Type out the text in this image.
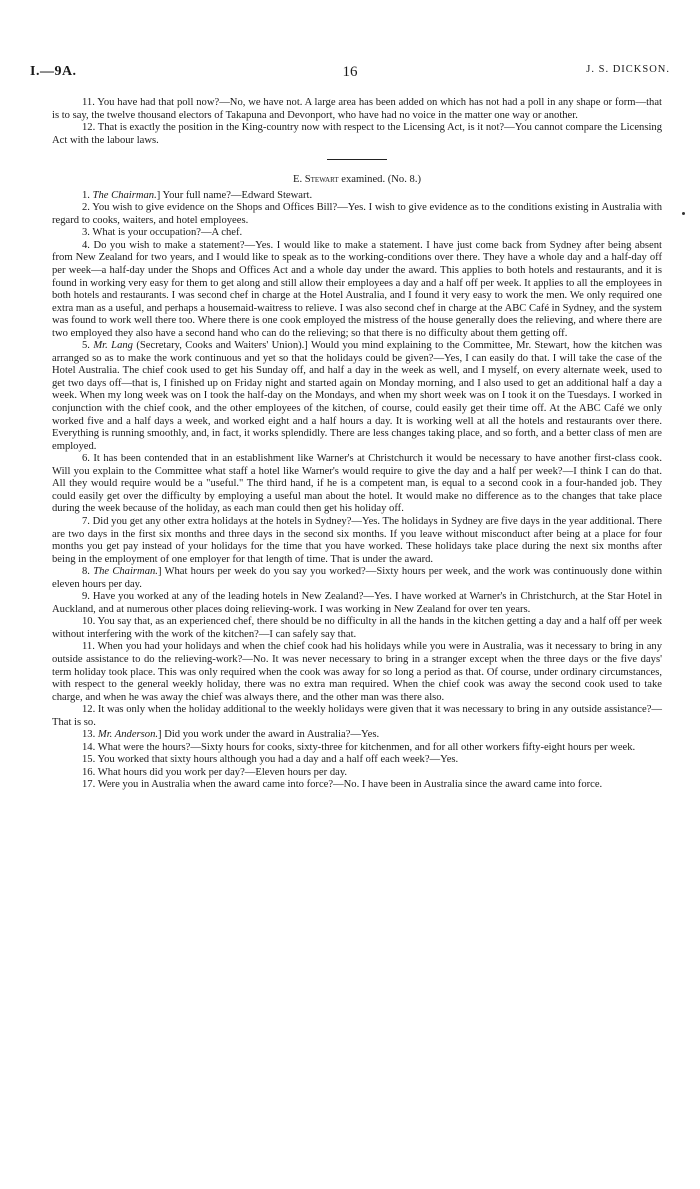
I.—9A.	16	J. S. DICKSON.

11. You have had that poll now?—No, we have not. A large area has been added on which has not had a poll in any shape or form—that is to say, the twelve thousand electors of Takapuna and Devonport, who have had no voice in the matter one way or another.

12. That is exactly the position in the King-country now with respect to the Licensing Act, is it not?—You cannot compare the Licensing Act with the labour laws.

E. Stewart examined. (No. 8.)

1. The Chairman.] Your full name?—Edward Stewart.

2. You wish to give evidence on the Shops and Offices Bill?—Yes. I wish to give evidence as to the conditions existing in Australia with regard to cooks, waiters, and hotel employees.

3. What is your occupation?—A chef.

4. Do you wish to make a statement?—Yes. I would like to make a statement. I have just come back from Sydney after being absent from New Zealand for two years, and I would like to speak as to the working-conditions over there. They have a whole day and a half-day off per week—a half-day under the Shops and Offices Act and a whole day under the award. This applies to both hotels and restaurants, and it is found in working very easy for them to get along and still allow their employees a day and a half off per week. It applies to all the employees in both hotels and restaurants. I was second chef in charge at the Hotel Australia, and I found it very easy to work the men. We only required one extra man as a useful, and perhaps a housemaid-waitress to relieve. I was also second chef in charge at the ABC Café in Sydney, and the system was found to work well there too. Where there is one cook employed the mistress of the house generally does the relieving, and where there are two employed they also have a second hand who can do the relieving; so that there is no difficulty about them getting off.

5. Mr. Lang (Secretary, Cooks and Waiters' Union).] Would you mind explaining to the Committee, Mr. Stewart, how the kitchen was arranged so as to make the work continuous and yet so that the holidays could be given?—Yes, I can easily do that. I will take the case of the Hotel Australia. The chief cook used to get his Sunday off, and half a day in the week as well, and I myself, on every alternate week, used to get two days off—that is, I finished up on Friday night and started again on Monday morning, and I also used to get an additional half a day a week. When my long week was on I took the half-day on the Mondays, and when my short week was on I took it on the Tuesdays. I worked in conjunction with the chief cook, and the other employees of the kitchen, of course, could easily get their time off. At the ABC Café we only worked five and a half days a week, and worked eight and a half hours a day. It is working well at all the hotels and restaurants over there. Everything is running smoothly, and, in fact, it works splendidly. There are less changes taking place, and so forth, and a better class of men are employed.

6. It has been contended that in an establishment like Warner's at Christchurch it would be necessary to have another first-class cook. Will you explain to the Committee what staff a hotel like Warner's would require to give the day and a half per week?—I think I can do that. All they would require would be a "useful." The third hand, if he is a competent man, is equal to a second cook in a four-handed job. They could easily get over the difficulty by employing a useful man about the hotel. It would make no difference as to the changes that take place during the week because of the holiday, as each man could then get his holiday off.

7. Did you get any other extra holidays at the hotels in Sydney?—Yes. The holidays in Sydney are five days in the year additional. There are two days in the first six months and three days in the second six months. If you leave without misconduct after being at a place for four months you get pay instead of your holidays for the time that you have worked. These holidays take place during the next six months after being in the employment of one employer for that length of time. That is under the award.

8. The Chairman.] What hours per week do you say you worked?—Sixty hours per week, and the work was continuously done within eleven hours per day.

9. Have you worked at any of the leading hotels in New Zealand?—Yes. I have worked at Warner's in Christchurch, at the Star Hotel in Auckland, and at numerous other places doing relieving-work. I was working in New Zealand for over ten years.

10. You say that, as an experienced chef, there should be no difficulty in all the hands in the kitchen getting a day and a half off per week without interfering with the work of the kitchen?—I can safely say that.

11. When you had your holidays and when the chief cook had his holidays while you were in Australia, was it necessary to bring in any outside assistance to do the relieving-work?—No. It was never necessary to bring in a stranger except when the three days or the five days' term holiday took place. This was only required when the cook was away for so long a period as that. Of course, under ordinary circumstances, with respect to the general weekly holiday, there was no extra man required. When the chief cook was away the second cook used to take charge, and when he was away the chief was always there, and the other man was there also.

12. It was only when the holiday additional to the weekly holidays were given that it was necessary to bring in any outside assistance?—That is so.

13. Mr. Anderson.] Did you work under the award in Australia?—Yes.

14. What were the hours?—Sixty hours for cooks, sixty-three for kitchenmen, and for all other workers fifty-eight hours per week.

15. You worked that sixty hours although you had a day and a half off each week?—Yes.

16. What hours did you work per day?—Eleven hours per day.

17. Were you in Australia when the award came into force?—No. I have been in Australia since the award came into force.
